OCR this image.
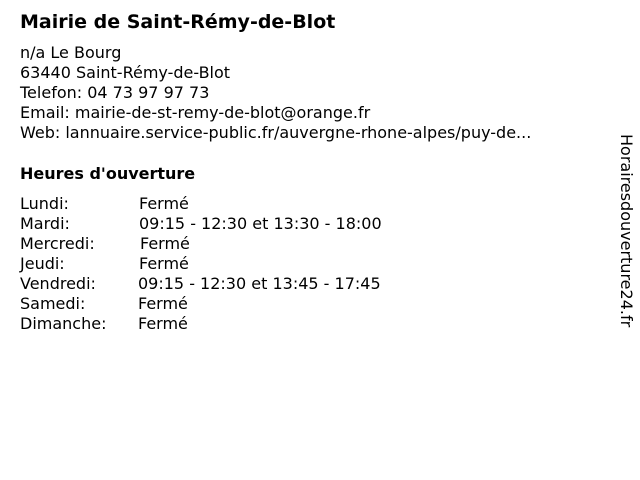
Mairie de Saint-Rémy-de-Blot
n/a Le Bourg
63440 Saint-Rémy-de-Blot
Telefon: 04 73 97 97 73
Email: mairie-de-st-remy-de-blot@orange.fr
Web: lannuaire.service-public.fr/auvergne-rhone-alpes/puy-de...
Heures d'ouverture
Lundi:	Fermé
Mardi:	09:15 - 12:30 et 13:30 - 18:00
Mercredi:	Fermé
Jeudi:	Fermé
Vendredi:	09:15 - 12:30 et 13:45 - 17:45
Samedi:	Fermé
Dimanche: Fermé	Horairesdouverture24.fr
